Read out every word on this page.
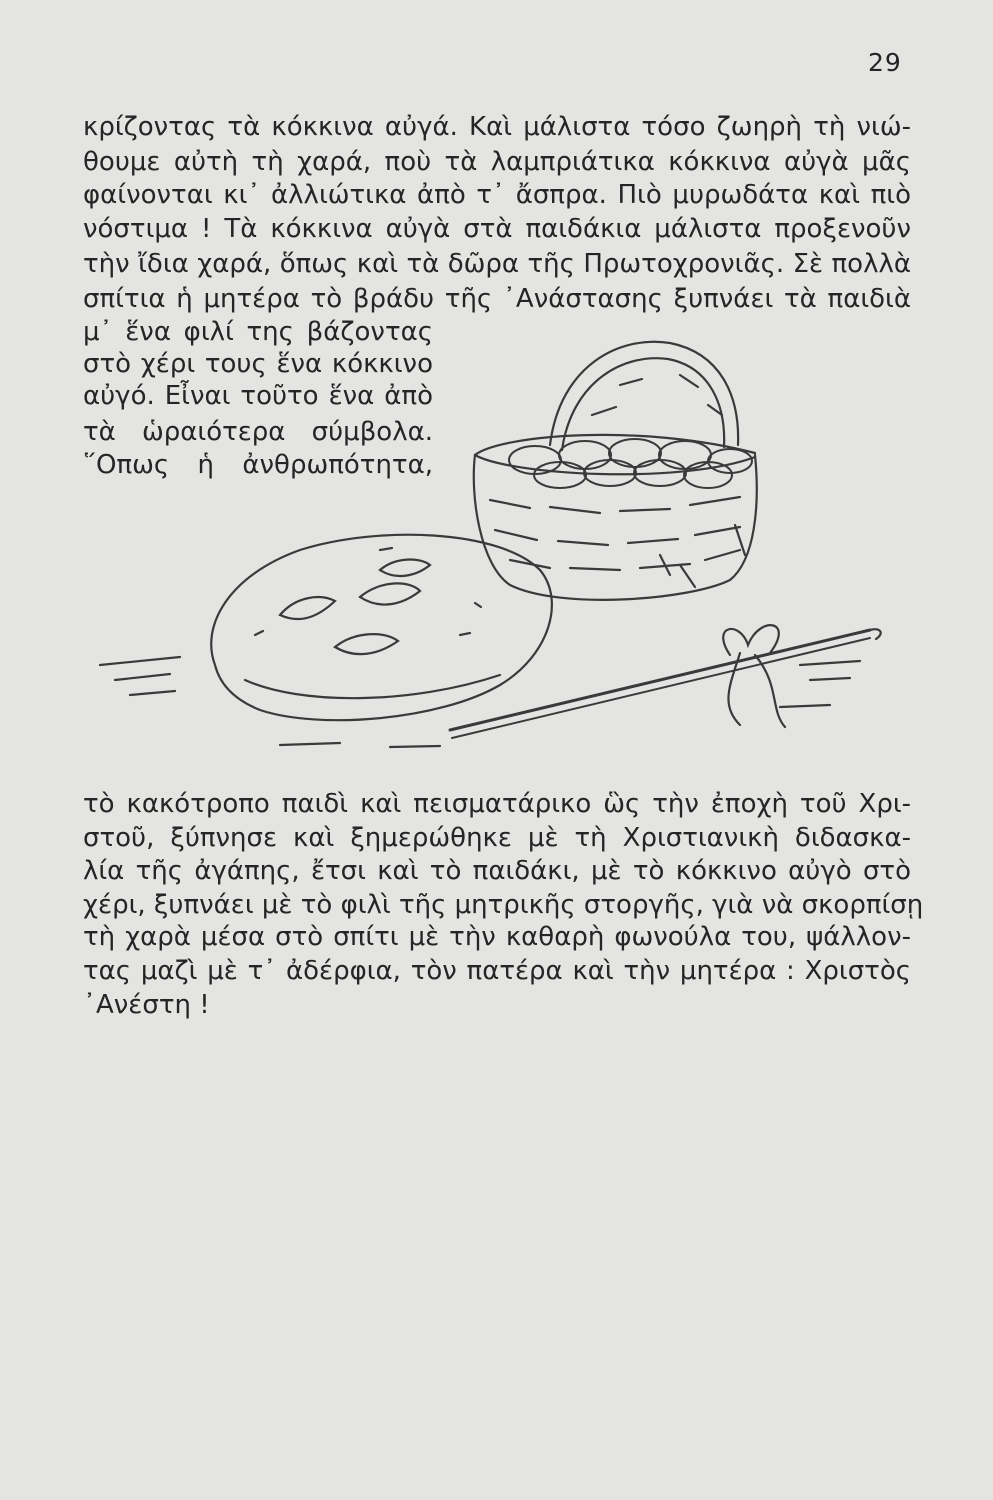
29
κρίζοντας τὰ κόκκινα αὐγά. Καὶ μάλιστα τόσο ζωηρὴ τὴ νιώ-
θουμε αὐτὴ τὴ χαρά, ποὺ τὰ λαμπριάτικα κόκκινα αὐγὰ μᾶς
φαίνονται κι᾿ ἀλλιώτικα ἀπὸ τ᾿ ἄσπρα. Πιὸ μυρωδάτα καὶ πιὸ
νόστιμα ! Τὰ κόκκινα αὐγὰ στὰ παιδάκια μάλιστα προξενοῦν
τὴν ἴδια χαρά, ὅπως καὶ τὰ δῶρα τῆς Πρωτοχρονιᾶς. Σὲ πολλὰ
σπίτια ἡ μητέρα τὸ βράδυ τῆς ᾿Ανάστασης ξυπνάει τὰ παιδιὰ
μ᾿ ἕνα φιλί της βάζοντας
στὸ χέρι τους ἕνα κόκκινο
αὐγό. Εἶναι τοῦτο ἕνα ἀπὸ
τὰ ὡραιότερα σύμβολα.
῞Οπως ἡ ἀνθρωπότητα,
τὸ κακότροπο παιδὶ καὶ πεισματάρικο ὣς τὴν ἐποχὴ τοῦ Χρι-
στοῦ, ξύπνησε καὶ ξημερώθηκε μὲ τὴ Χριστιανικὴ διδασκα-
λία τῆς ἀγάπης, ἔτσι καὶ τὸ παιδάκι, μὲ τὸ κόκκινο αὐγὸ στὸ
χέρι, ξυπνάει μὲ τὸ φιλὶ τῆς μητρικῆς στοργῆς, γιὰ νὰ σκορπίσῃ
τὴ χαρὰ μέσα στὸ σπίτι μὲ τὴν καθαρὴ φωνούλα του, ψάλλον-
τας μαζὶ μὲ τ᾿ ἀδέρφια, τὸν πατέρα καὶ τὴν μητέρα : Χριστὸς
᾿Ανέστη !
